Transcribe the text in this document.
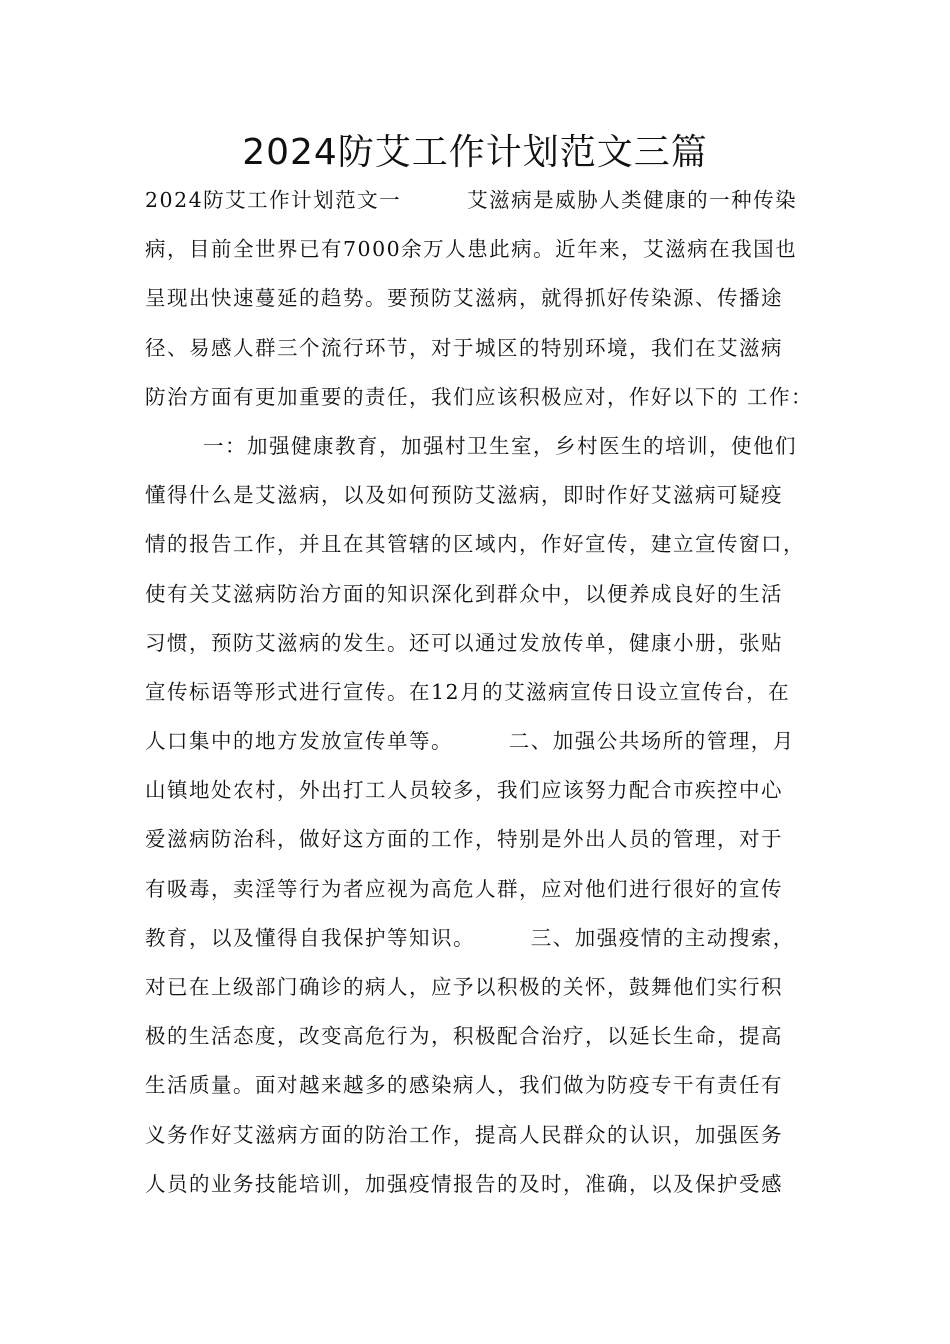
2024防艾工作计划范文三篇
2024防艾工作计划范文一　　　艾滋病是威胁人类健康的一种传染
病，目前全世界已有7000余万人患此病。近年来，艾滋病在我国也
呈现出快速蔓延的趋势。要预防艾滋病，就得抓好传染源、传播途
径、易感人群三个流行环节，对于城区的特别环境，我们在艾滋病
防治方面有更加重要的责任，我们应该积极应对，作好以下的 工作：
一：加强健康教育，加强村卫生室，乡村医生的培训，使他们
懂得什么是艾滋病，以及如何预防艾滋病，即时作好艾滋病可疑疫
情的报告工作，并且在其管辖的区域内，作好宣传，建立宣传窗口，
使有关艾滋病防治方面的知识深化到群众中，以便养成良好的生活
习惯，预防艾滋病的发生。还可以通过发放传单，健康小册，张贴
宣传标语等形式进行宣传。在12月的艾滋病宣传日设立宣传台，在
人口集中的地方发放宣传单等。　　　二、加强公共场所的管理，月
山镇地处农村，外出打工人员较多，我们应该努力配合市疾控中心
爱滋病防治科，做好这方面的工作，特别是外出人员的管理，对于
有吸毒，卖淫等行为者应视为高危人群，应对他们进行很好的宣传
教育，以及懂得自我保护等知识。　　　三、加强疫情的主动搜索，
对已在上级部门确诊的病人，应予以积极的关怀，鼓舞他们实行积
极的生活态度，改变高危行为，积极配合治疗，以延长生命，提高
生活质量。面对越来越多的感染病人，我们做为防疫专干有责任有
义务作好艾滋病方面的防治工作，提高人民群众的认识，加强医务
人员的业务技能培训，加强疫情报告的及时，准确，以及保护受感
